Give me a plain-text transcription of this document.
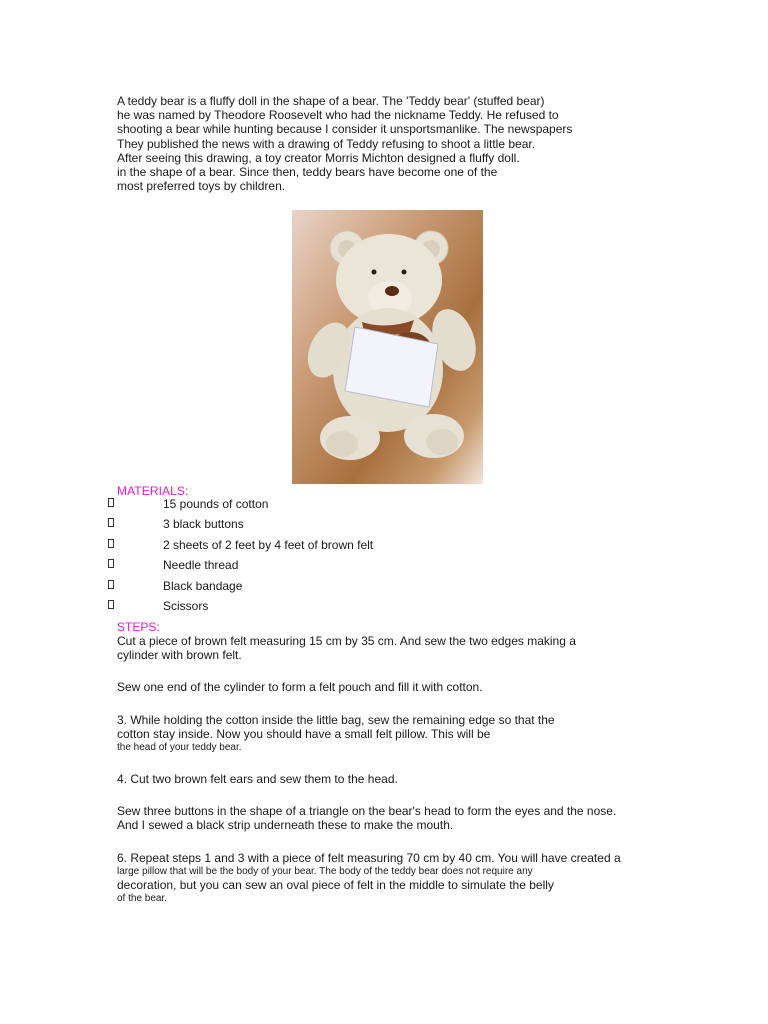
A teddy bear is a fluffy doll in the shape of a bear. The 'Teddy bear' (stuffed bear)
he was named by Theodore Roosevelt who had the nickname Teddy. He refused to
shooting a bear while hunting because I consider it unsportsmanlike. The newspapers
They published the news with a drawing of Teddy refusing to shoot a little bear.
After seeing this drawing, a toy creator Morris Michton designed a fluffy doll.
in the shape of a bear. Since then, teddy bears have become one of the
most preferred toys by children.
MATERIALS:
15 pounds of cotton
3 black buttons
2 sheets of 2 feet by 4 feet of brown felt
Needle thread
Black bandage
Scissors
STEPS:
Cut a piece of brown felt measuring 15 cm by 35 cm. And sew the two edges making a
cylinder with brown felt.
Sew one end of the cylinder to form a felt pouch and fill it with cotton.
3. While holding the cotton inside the little bag, sew the remaining edge so that the
cotton stay inside. Now you should have a small felt pillow. This will be
the head of your teddy bear.
4. Cut two brown felt ears and sew them to the head.
Sew three buttons in the shape of a triangle on the bear's head to form the eyes and the nose.
And I sewed a black strip underneath these to make the mouth.
6. Repeat steps 1 and 3 with a piece of felt measuring 70 cm by 40 cm. You will have created a
large pillow that will be the body of your bear. The body of the teddy bear does not require any
decoration, but you can sew an oval piece of felt in the middle to simulate the belly
of the bear.
